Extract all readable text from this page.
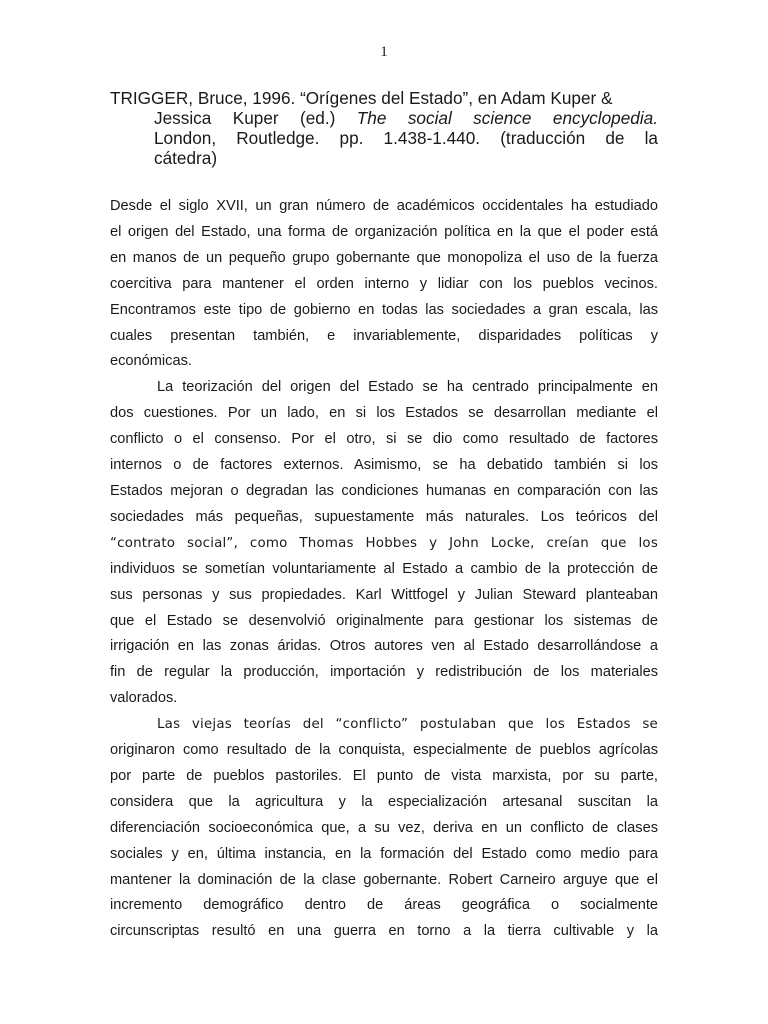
1
TRIGGER, Bruce, 1996. “Orígenes del Estado”, en Adam Kuper &
Jessica Kuper (ed.) The social science encyclopedia.
London, Routledge. pp. 1.438-1.440. (traducción de la
cátedra)
Desde el siglo XVII, un gran número de académicos occidentales ha estudiado
el origen del Estado, una forma de organización política en la que el poder está
en manos de un pequeño grupo gobernante que monopoliza el uso de la fuerza
coercitiva para mantener el orden interno y lidiar con los pueblos vecinos.
Encontramos este tipo de gobierno en todas las sociedades a gran escala, las
cuales presentan también, e invariablemente, disparidades políticas y
económicas.
La teorización del origen del Estado se ha centrado principalmente en
dos cuestiones. Por un lado, en si los Estados se desarrollan mediante el
conflicto o el consenso. Por el otro, si se dio como resultado de factores
internos o de factores externos. Asimismo, se ha debatido también si los
Estados mejoran o degradan las condiciones humanas en comparación con las
sociedades más pequeñas, supuestamente más naturales. Los teóricos del
“contrato social”, como Thomas Hobbes y John Locke, creían que los
individuos se sometían voluntariamente al Estado a cambio de la protección de
sus personas y sus propiedades. Karl Wittfogel y Julian Steward planteaban
que el Estado se desenvolvió originalmente para gestionar los sistemas de
irrigación en las zonas áridas. Otros autores ven al Estado desarrollándose a
fin de regular la producción, importación y redistribución de los materiales
valorados.
Las viejas teorías del “conflicto” postulaban que los Estados se
originaron como resultado de la conquista, especialmente de pueblos agrícolas
por parte de pueblos pastoriles. El punto de vista marxista, por su parte,
considera que la agricultura y la especialización artesanal suscitan la
diferenciación socioeconómica que, a su vez, deriva en un conflicto de clases
sociales y en, última instancia, en la formación del Estado como medio para
mantener la dominación de la clase gobernante. Robert Carneiro arguye que el
incremento demográfico dentro de áreas geográfica o socialmente
circunscriptas resultó en una guerra en torno a la tierra cultivable y la
